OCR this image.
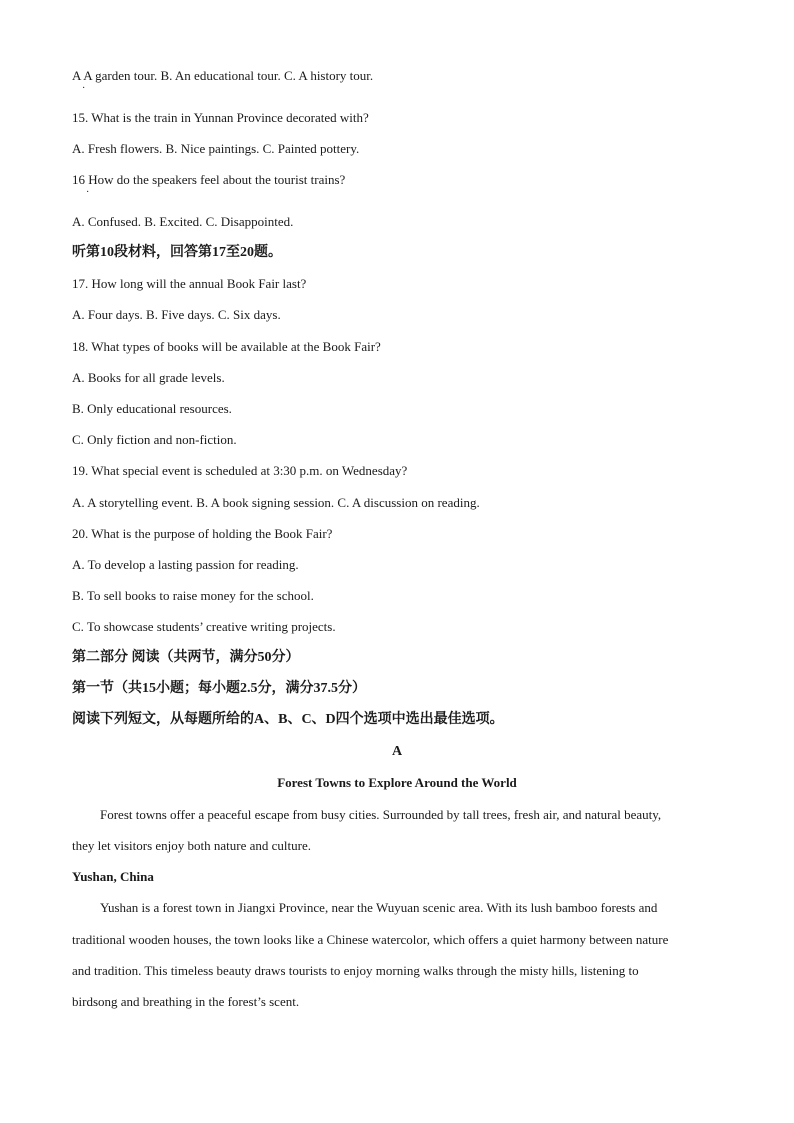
A A garden tour. B. An educational tour. C. A history tour.
·
15. What is the train in Yunnan Province decorated with?
A. Fresh flowers. B. Nice paintings. C. Painted pottery.
16 How do the speakers feel about the tourist trains?
·
A. Confused. B. Excited. C. Disappointed.
听第10段材料，回答第17至20题。
17. How long will the annual Book Fair last?
A. Four days. B. Five days. C. Six days.
18. What types of books will be available at the Book Fair?
A. Books for all grade levels.
B. Only educational resources.
C. Only fiction and non-fiction.
19. What special event is scheduled at 3:30 p.m. on Wednesday?
A. A storytelling event. B. A book signing session. C. A discussion on reading.
20. What is the purpose of holding the Book Fair?
A. To develop a lasting passion for reading.
B. To sell books to raise money for the school.
C. To showcase students’ creative writing projects.
第二部分 阅读（共两节，满分50分）
第一节（共15小题；每小题2.5分，满分37.5分）
阅读下列短文，从每题所给的A、B、C、D四个选项中选出最佳选项。
A
Forest Towns to Explore Around the World
Forest towns offer a peaceful escape from busy cities. Surrounded by tall trees, fresh air, and natural beauty,
they let visitors enjoy both nature and culture.
Yushan, China
Yushan is a forest town in Jiangxi Province, near the Wuyuan scenic area. With its lush bamboo forests and
traditional wooden houses, the town looks like a Chinese watercolor, which offers a quiet harmony between nature
and tradition. This timeless beauty draws tourists to enjoy morning walks through the misty hills, listening to
birdsong and breathing in the forest’s scent.
